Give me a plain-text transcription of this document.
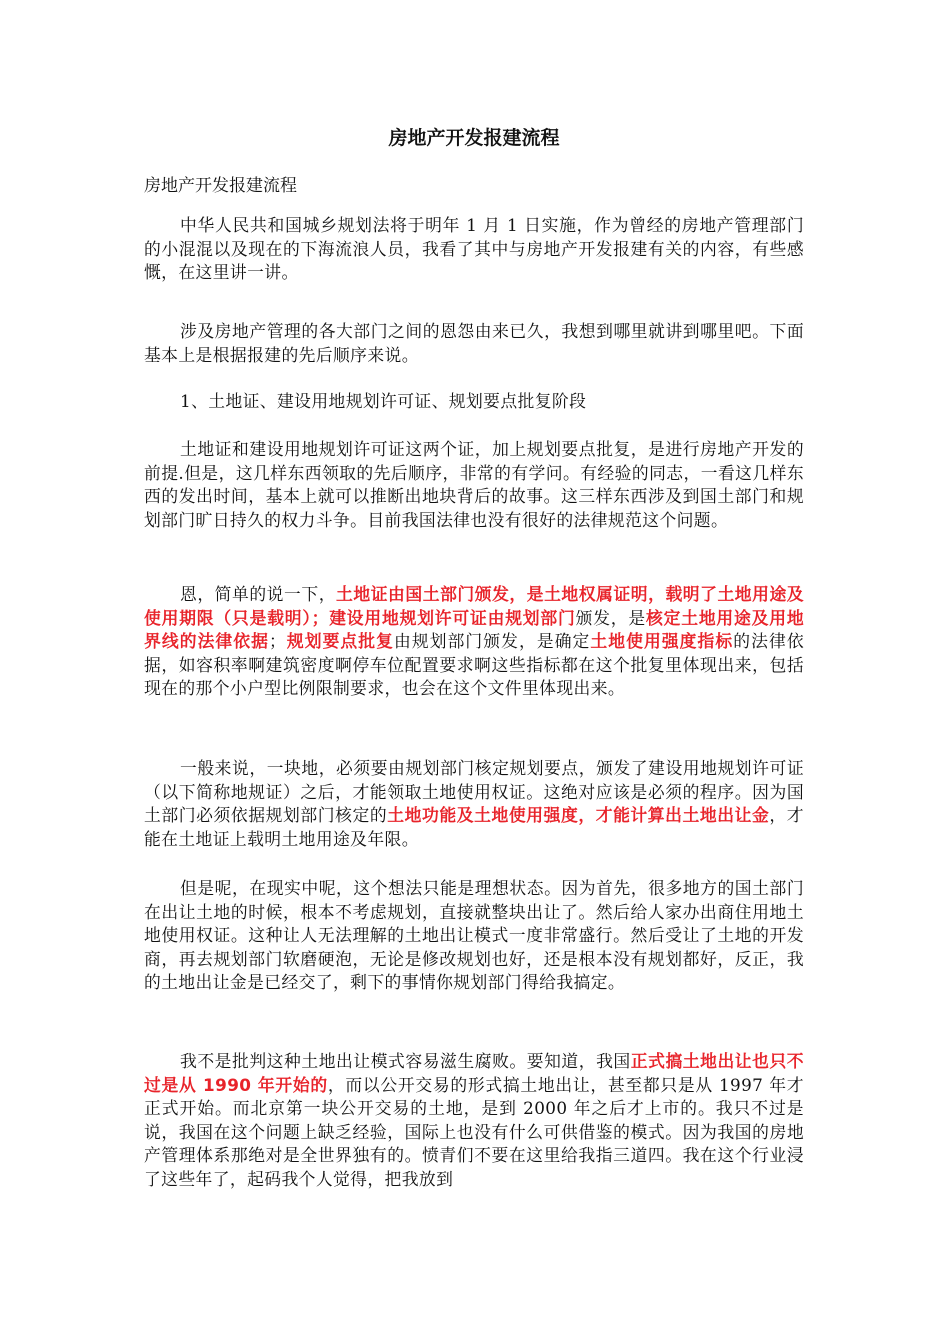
房地产开发报建流程

房地产开发报建流程

中华人民共和国城乡规划法将于明年 1 月 1 日实施，作为曾经的房地产管理部门的小混混以及现在的下海流浪人员，我看了其中与房地产开发报建有关的内容，有些感慨，在这里讲一讲。

涉及房地产管理的各大部门之间的恩怨由来已久，我想到哪里就讲到哪里吧。下面基本上是根据报建的先后顺序来说。

1、土地证、建设用地规划许可证、规划要点批复阶段

土地证和建设用地规划许可证这两个证，加上规划要点批复，是进行房地产开发的前提.但是，这几样东西领取的先后顺序，非常的有学问。有经验的同志，一看这几样东西的发出时间，基本上就可以推断出地块背后的故事。这三样东西涉及到国土部门和规划部门旷日持久的权力斗争。目前我国法律也没有很好的法律规范这个问题。

恩，简单的说一下，土地证由国土部门颁发，是土地权属证明，载明了土地用途及使用期限（只是载明）；建设用地规划许可证由规划部门颁发，是核定土地用途及用地界线的法律依据；规划要点批复由规划部门颁发，是确定土地使用强度指标的法律依据，如容积率啊建筑密度啊停车位配置要求啊这些指标都在这个批复里体现出来，包括现在的那个小户型比例限制要求，也会在这个文件里体现出来。

一般来说，一块地，必须要由规划部门核定规划要点，颁发了建设用地规划许可证（以下简称地规证）之后，才能领取土地使用权证。这绝对应该是必须的程序。因为国土部门必须依据规划部门核定的土地功能及土地使用强度，才能计算出土地出让金，才能在土地证上载明土地用途及年限。

但是呢，在现实中呢，这个想法只能是理想状态。因为首先，很多地方的国土部门在出让土地的时候，根本不考虑规划，直接就整块出让了。然后给人家办出商住用地土地使用权证。这种让人无法理解的土地出让模式一度非常盛行。然后受让了土地的开发商，再去规划部门软磨硬泡，无论是修改规划也好，还是根本没有规划都好，反正，我的土地出让金是已经交了，剩下的事情你规划部门得给我搞定。

我不是批判这种土地出让模式容易滋生腐败。要知道，我国正式搞土地出让也只不过是从 1990 年开始的，而以公开交易的形式搞土地出让，甚至都只是从 1997 年才正式开始。而北京第一块公开交易的土地，是到 2000 年之后才上市的。我只不过是说，我国在这个问题上缺乏经验，国际上也没有什么可供借鉴的模式。因为我国的房地产管理体系那绝对是全世界独有的。愤青们不要在这里给我指三道四。我在这个行业浸了这些年了，起码我个人觉得，把我放到
